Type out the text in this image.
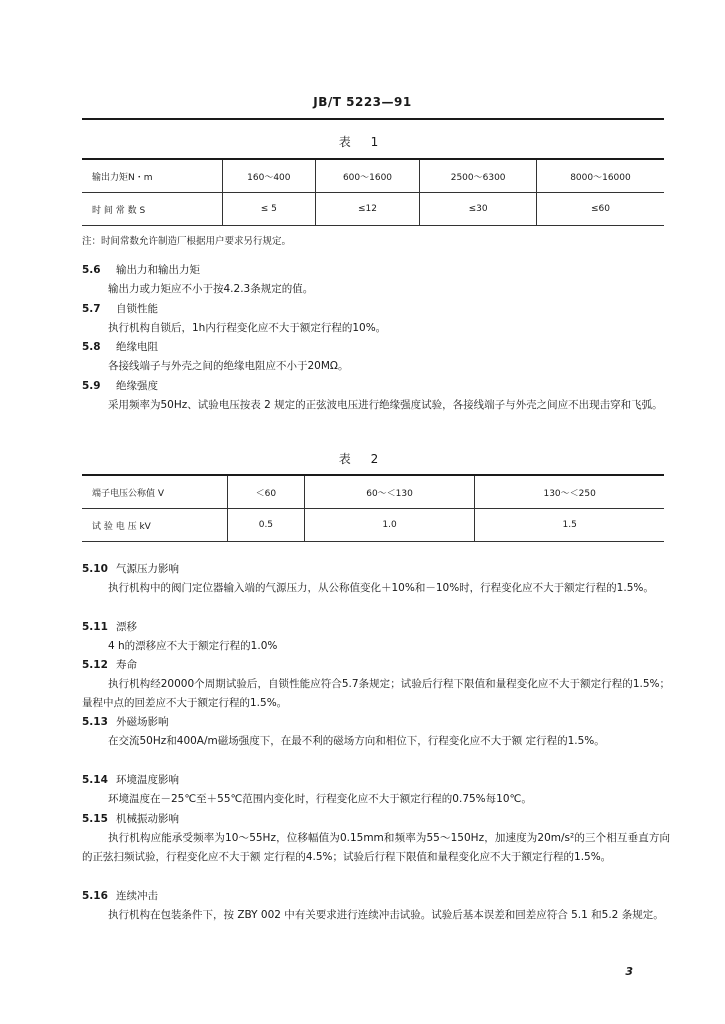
JB/T 5223—91
表 1
输出力矩N・m	160～400	600～1600	2500～6300	8000～16000
时 间 常 数 S	≤ 5	≤12	≤30	≤60
注：时间常数允许制造厂根据用户要求另行规定。
5.6 输出力和输出力矩
输出力或力矩应不小于按4.2.3条规定的值。
5.7 自锁性能
执行机构自锁后，1h内行程变化应不大于额定行程的10%。
5.8 绝缘电阻
各接线端子与外壳之间的绝缘电阻应不小于20MΩ。
5.9 绝缘强度
采用频率为50Hz、试验电压按表 2 规定的正弦波电压进行绝缘强度试验，各接线端子与外壳之间应不出现击穿和飞弧。
表 2
端子电压公称值 V	＜60	60～＜130	130～＜250
试 验 电 压 kV	0.5	1.0	1.5
5.10 气源压力影响
执行机构中的阀门定位器输入端的气源压力，从公称值变化＋10%和－10%时，行程变化应不大于额定行程的1.5%。
5.11 漂移
4 h的漂移应不大于额定行程的1.0%
5.12 寿命
执行机构经20000个周期试验后，自锁性能应符合5.7条规定；试验后行程下限值和量程变化应不大于额定行程的1.5%；量程中点的回差应不大于额定行程的1.5%。
5.13 外磁场影响
在交流50Hz和400A/m磁场强度下，在最不利的磁场方向和相位下，行程变化应不大于额 定行程的1.5%。
5.14 环境温度影响
环境温度在－25℃至＋55℃范围内变化时，行程变化应不大于额定行程的0.75%每10℃。
5.15 机械振动影响
执行机构应能承受频率为10～55Hz，位移幅值为0.15mm和频率为55～150Hz，加速度为20m/s²的三个相互垂直方向的正弦扫频试验，行程变化应不大于额 定行程的4.5%；试验后行程下限值和量程变化应不大于额定行程的1.5%。
5.16 连续冲击
执行机构在包装条件下，按 ZBY 002 中有关要求进行连续冲击试验。试验后基本误差和回差应符合 5.1 和5.2 条规定。
3
